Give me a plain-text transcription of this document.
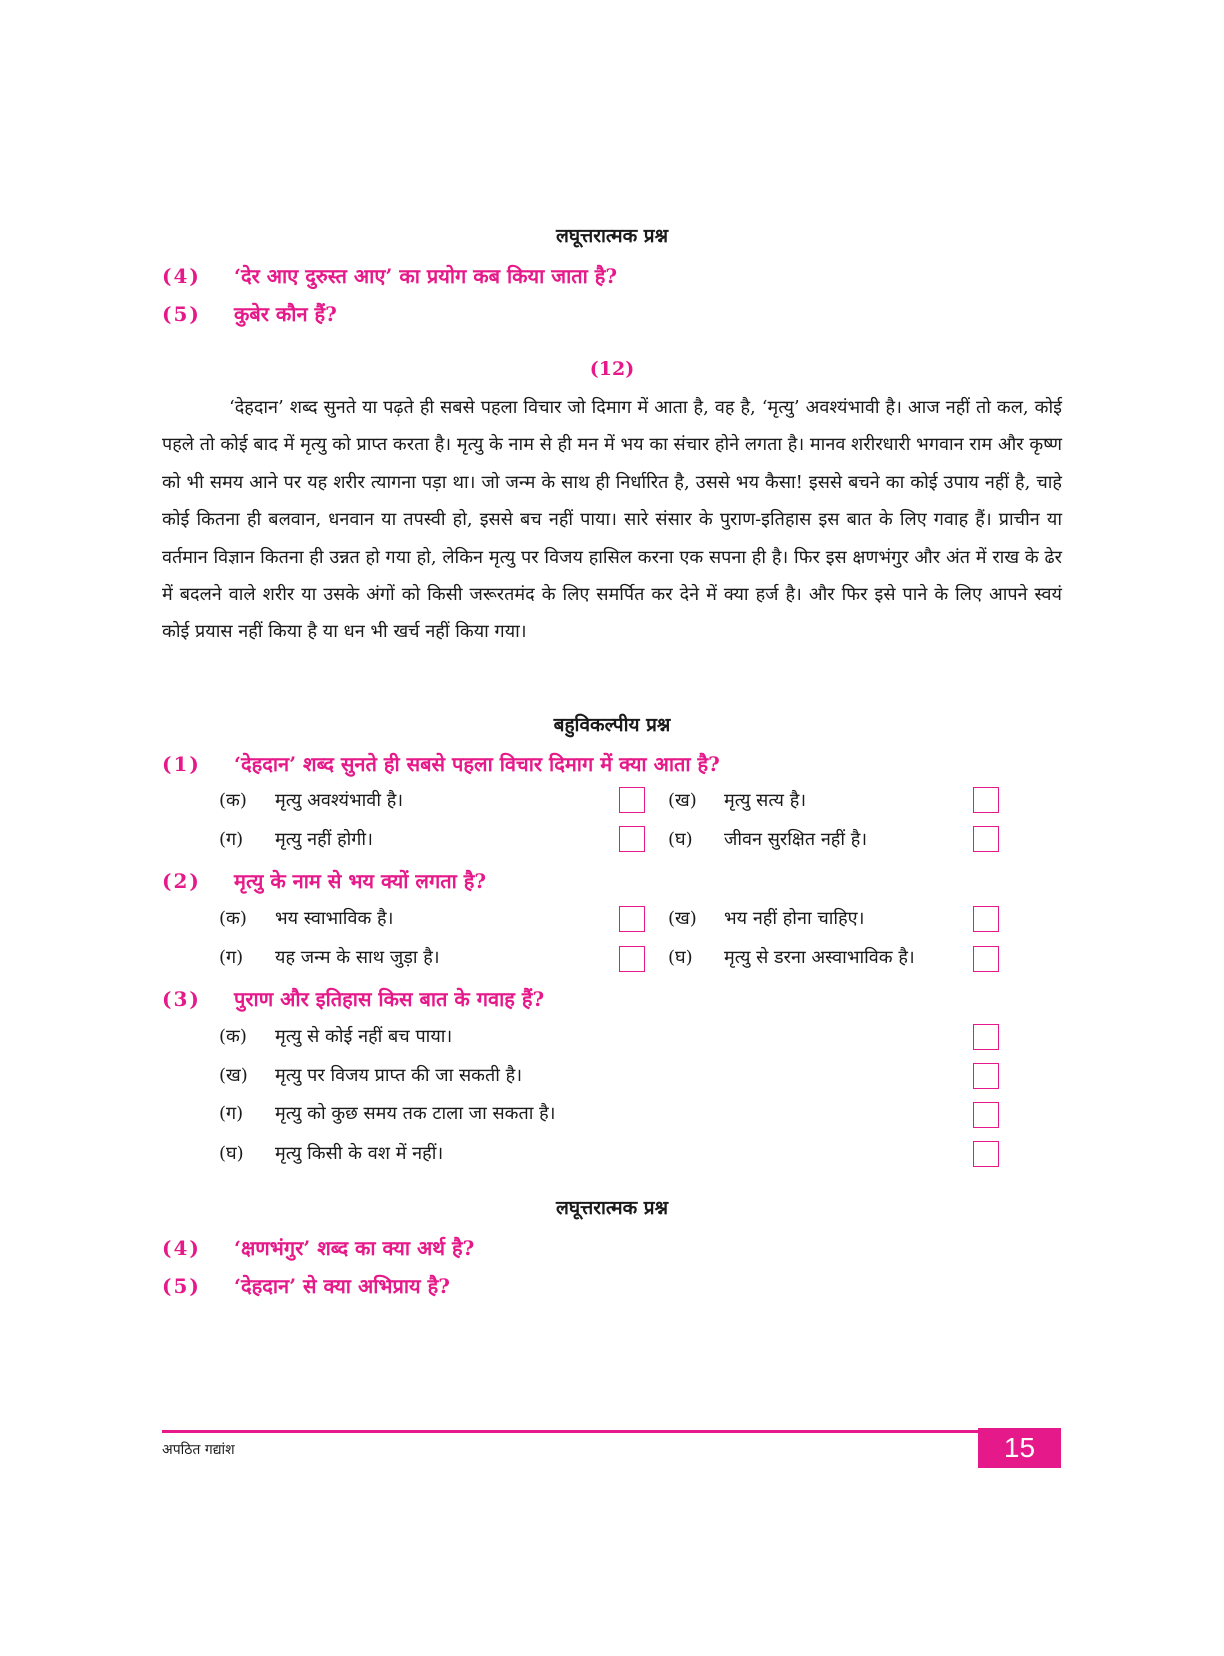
लघूत्तरात्मक प्रश्न
(4) ‘देर आए दुरुस्त आए’ का प्रयोग कब किया जाता है?
(5) कुबेर कौन हैं?
(12)
‘देहदान’ शब्द सुनते या पढ़ते ही सबसे पहला विचार जो दिमाग में आता है, वह है, ‘मृत्यु’ अवश्यंभावी है। आज नहीं तो कल, कोई पहले तो कोई बाद में मृत्यु को प्राप्त करता है। मृत्यु के नाम से ही मन में भय का संचार होने लगता है। मानव शरीरधारी भगवान राम और कृष्ण को भी समय आने पर यह शरीर त्यागना पड़ा था। जो जन्म के साथ ही निर्धारित है, उससे भय कैसा! इससे बचने का कोई उपाय नहीं है, चाहे कोई कितना ही बलवान, धनवान या तपस्वी हो, इससे बच नहीं पाया। सारे संसार के पुराण-इतिहास इस बात के लिए गवाह हैं। प्राचीन या वर्तमान विज्ञान कितना ही उन्नत हो गया हो, लेकिन मृत्यु पर विजय हासिल करना एक सपना ही है। फिर इस क्षणभंगुर और अंत में राख के ढेर में बदलने वाले शरीर या उसके अंगों को किसी जरूरतमंद के लिए समर्पित कर देने में क्या हर्ज है। और फिर इसे पाने के लिए आपने स्वयं कोई प्रयास नहीं किया है या धन भी खर्च नहीं किया गया।
बहुविकल्पीय प्रश्न
(1) ‘देहदान’ शब्द सुनते ही सबसे पहला विचार दिमाग में क्या आता है?
(क) मृत्यु अवश्यंभावी है।	(ख) मृत्यु सत्य है।
(ग) मृत्यु नहीं होगी।	(घ) जीवन सुरक्षित नहीं है।
(2) मृत्यु के नाम से भय क्यों लगता है?
(क) भय स्वाभाविक है।	(ख) भय नहीं होना चाहिए।
(ग) यह जन्म के साथ जुड़ा है।	(घ) मृत्यु से डरना अस्वाभाविक है।
(3) पुराण और इतिहास किस बात के गवाह हैं?
(क) मृत्यु से कोई नहीं बच पाया।
(ख) मृत्यु पर विजय प्राप्त की जा सकती है।
(ग) मृत्यु को कुछ समय तक टाला जा सकता है।
(घ) मृत्यु किसी के वश में नहीं।
लघूत्तरात्मक प्रश्न
(4) ‘क्षणभंगुर’ शब्द का क्या अर्थ है?
(5) ‘देहदान’ से क्या अभिप्राय है?
अपठित गद्यांश	15
